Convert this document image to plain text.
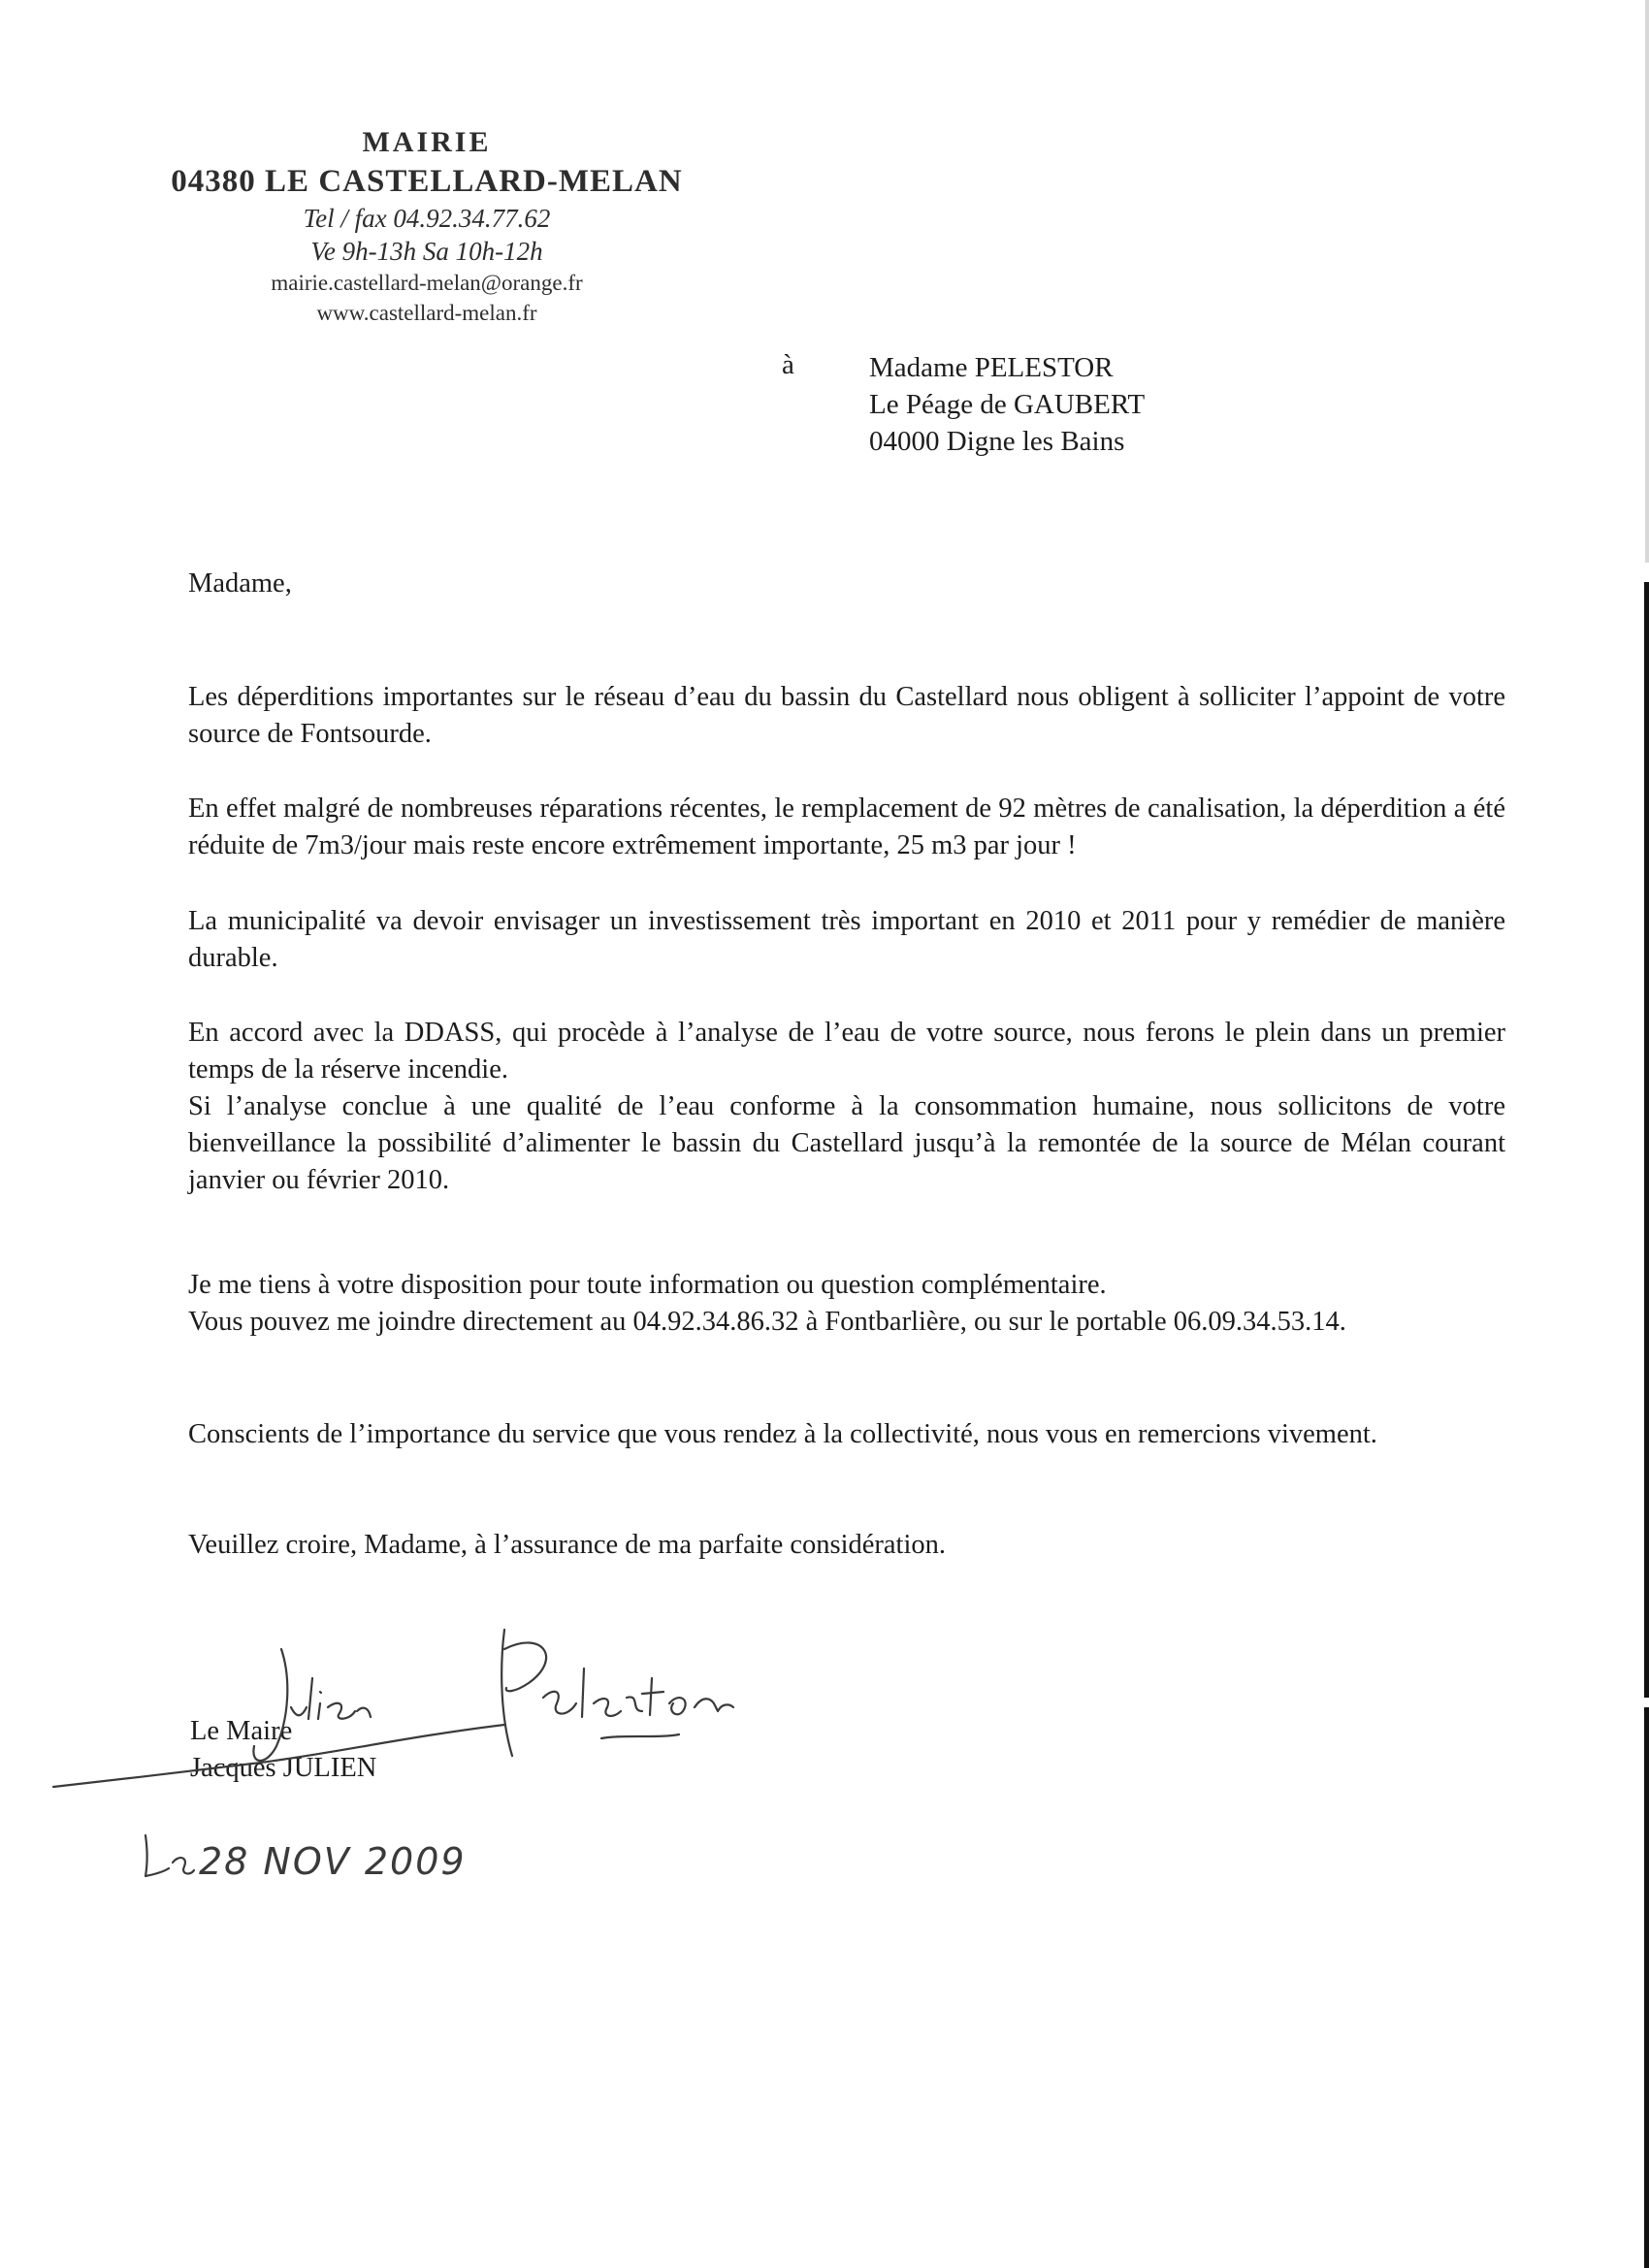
MAIRIE
04380 LE CASTELLARD-MELAN
Tel / fax 04.92.34.77.62
Ve 9h-13h Sa 10h-12h
mairie.castellard-melan@orange.fr
www.castellard-melan.fr
à	Madame PELESTOR
Le Péage de GAUBERT
04000 Digne les Bains
Madame,

Les déperditions importantes sur le réseau d’eau du bassin du Castellard nous obligent à solliciter l’appoint de votre source de Fontsourde.

En effet malgré de nombreuses réparations récentes, le remplacement de 92 mètres de canalisation, la déperdition a été réduite de 7m3/jour mais reste encore extrêmement importante, 25 m3 par jour !

La municipalité va devoir envisager un investissement très important en 2010 et 2011 pour y remédier de manière durable.

En accord avec la DDASS, qui procède à l’analyse de l’eau de votre source, nous ferons le plein dans un premier temps de la réserve incendie.

Si l’analyse conclue à une qualité de l’eau conforme à la consommation humaine, nous sollicitons de votre bienveillance la possibilité d’alimenter le bassin du Castellard jusqu’à la remontée de la source de Mélan courant janvier ou février 2010.

Je me tiens à votre disposition pour toute information ou question complémentaire.

Vous pouvez me joindre directement au 04.92.34.86.32 à Fontbarlière, ou sur le portable 06.09.34.53.14.

Conscients de l’importance du service que vous rendez à la collectivité, nous vous en remercions vivement.

Veuillez croire, Madame, à l’assurance de ma parfaite considération.

Le Maire
Jacques JULIEN
28 NOV 2009
